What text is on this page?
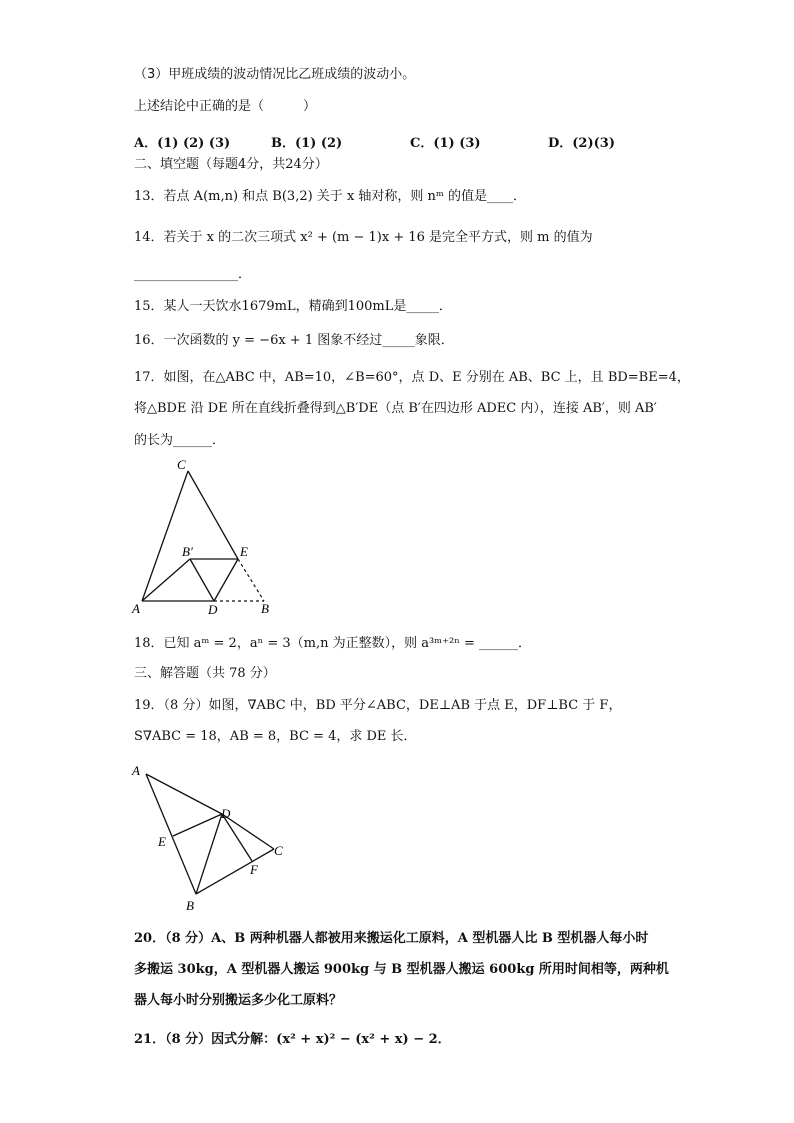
（3）甲班成绩的波动情况比乙班成绩的波动小。
上述结论中正确的是（　　　）
A．(1) (2) (3)	B．(1) (2)	C．(1) (3)	D．(2)(3)
二、填空题（每题4分，共24分）
13．若点 A(m,n) 和点 B(3,2) 关于 x 轴对称，则 nᵐ 的值是____．
14．若关于 x 的二次三项式 x² + (m − 1)x + 16 是完全平方式，则 m 的值为
________________．
15．某人一天饮水1679mL，精确到100mL是_____．
16．一次函数的 y = −6x + 1 图象不经过_____象限．
17．如图，在△ABC 中，AB=10，∠B=60°，点 D、E 分别在 AB、BC 上，且 BD=BE=4，
将△BDE 沿 DE 所在直线折叠得到△B′DE（点 B′在四边形 ADEC 内），连接 AB′，则 AB′
的长为______．
C
B′	E
A	D	B
18．已知 aᵐ = 2，aⁿ = 3（m,n 为正整数），则 a³ᵐ⁺²ⁿ = ______．
三、解答题（共 78 分）
19．（8 分）如图，∇ABC 中，BD 平分∠ABC，DE⊥AB 于点 E，DF⊥BC 于 F，
S∇ABC = 18，AB = 8，BC = 4，求 DE 长．
A
D
E
C
F
B
20．（8 分）A、B 两种机器人都被用来搬运化工原料，A 型机器人比 B 型机器人每小时
多搬运 30kg，A 型机器人搬运 900kg 与 B 型机器人搬运 600kg 所用时间相等，两种机
器人每小时分别搬运多少化工原料？
21．（8 分）因式分解：(x² + x)² − (x² + x) − 2．
